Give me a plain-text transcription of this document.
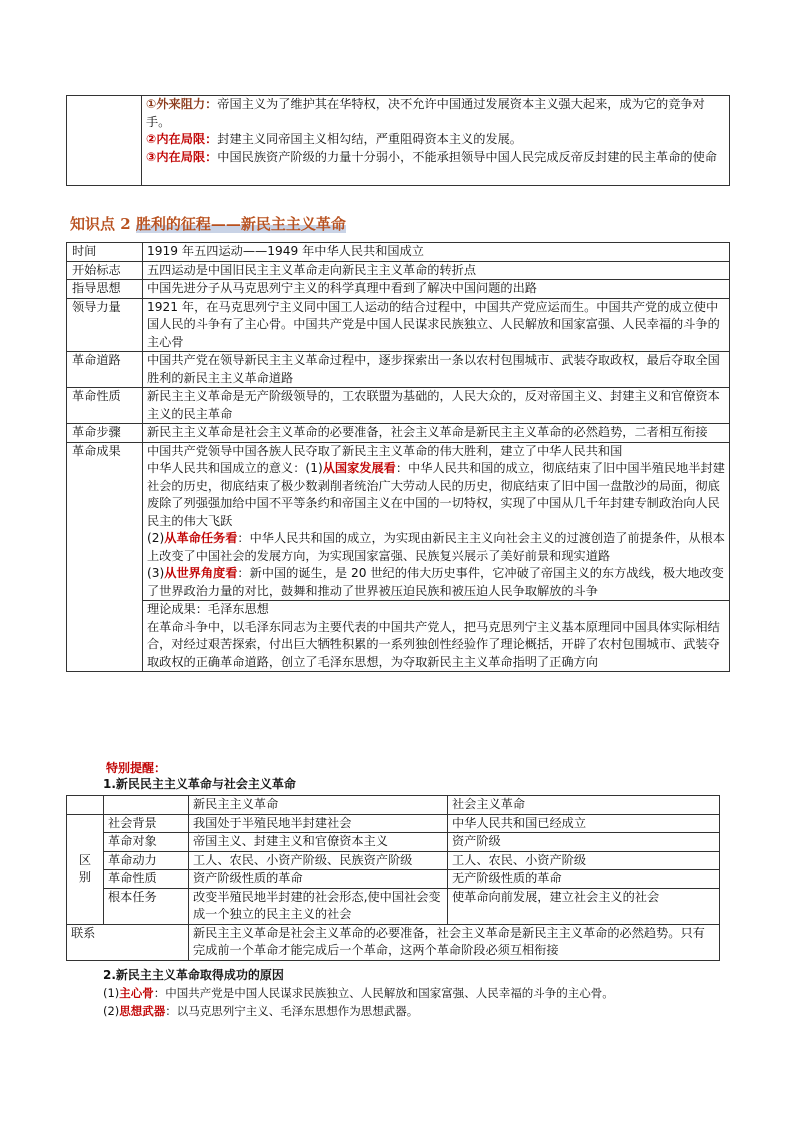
①外来阻力：帝国主义为了维护其在华特权，决不允许中国通过发展资本主义强大起来，成为它的竞争对手。
②内在局限：封建主义同帝国主义相勾结，严重阻碍资本主义的发展。
③内在局限：中国民族资产阶级的力量十分弱小，不能承担领导中国人民完成反帝反封建的民主革命的使命
知识点 2 胜利的征程——新民主主义革命
时间	1919 年五四运动——1949 年中华人民共和国成立
开始标志	五四运动是中国旧民主主义革命走向新民主主义革命的转折点
指导思想	中国先进分子从马克思列宁主义的科学真理中看到了解决中国问题的出路
领导力量	1921 年，在马克思列宁主义同中国工人运动的结合过程中，中国共产党应运而生。中国共产党的成立使中国人民的斗争有了主心骨。中国共产党是中国人民谋求民族独立、人民解放和国家富强、人民幸福的斗争的主心骨
革命道路	中国共产党在领导新民主主义革命过程中，逐步探索出一条以农村包围城市、武装夺取政权，最后夺取全国胜利的新民主主义革命道路
革命性质	新民主主义革命是无产阶级领导的，工农联盟为基础的，人民大众的，反对帝国主义、封建主义和官僚资本主义的民主革命
革命步骤	新民主主义革命是社会主义革命的必要准备，社会主义革命是新民主主义革命的必然趋势，二者相互衔接
革命成果	中国共产党领导中国各族人民夺取了新民主主义革命的伟大胜利，建立了中华人民共和国
中华人民共和国成立的意义：(1)从国家发展看：中华人民共和国的成立，彻底结束了旧中国半殖民地半封建社会的历史，彻底结束了极少数剥削者统治广大劳动人民的历史，彻底结束了旧中国一盘散沙的局面，彻底废除了列强强加给中国不平等条约和帝国主义在中国的一切特权，实现了中国从几千年封建专制政治向人民民主的伟大飞跃
(2)从革命任务看：中华人民共和国的成立，为实现由新民主主义向社会主义的过渡创造了前提条件，从根本上改变了中国社会的发展方向，为实现国家富强、民族复兴展示了美好前景和现实道路
(3)从世界角度看：新中国的诞生，是 20 世纪的伟大历史事件，它冲破了帝国主义的东方战线，极大地改变了世界政治力量的对比，鼓舞和推动了世界被压迫民族和被压迫人民争取解放的斗争

	理论成果：毛泽东思想
在革命斗争中，以毛泽东同志为主要代表的中国共产党人，把马克思列宁主义基本原理同中国具体实际相结合，对经过艰苦探索，付出巨大牺牲积累的一系列独创性经验作了理论概括，开辟了农村包围城市、武装夺取政权的正确革命道路，创立了毛泽东思想，为夺取新民主主义革命指明了正确方向
特别提醒：
1.新民民主主义革命与社会主义革命
		新民主主义革命	社会主义革命

区
别	社会背景	我国处于半殖民地半封建社会	中华人民共和国已经成立
	革命对象	帝国主义、封建主义和官僚资本主义	资产阶级
	革命动力	工人、农民、小资产阶级、民族资产阶级	工人、农民、小资产阶级
	革命性质	资产阶级性质的革命	无产阶级性质的革命
	根本任务	改变半殖民地半封建的社会形态,使中国社会变成一个独立的民主主义的社会	使革命向前发展，建立社会主义的社会
联系		新民主主义革命是社会主义革命的必要准备，社会主义革命是新民主主义革命的必然趋势。只有完成前一个革命才能完成后一个革命，这两个革命阶段必须互相衔接	
2.新民主主义革命取得成功的原因
(1)主心骨：中国共产党是中国人民谋求民族独立、人民解放和国家富强、人民幸福的斗争的主心骨。
(2)思想武器：以马克思列宁主义、毛泽东思想作为思想武器。
